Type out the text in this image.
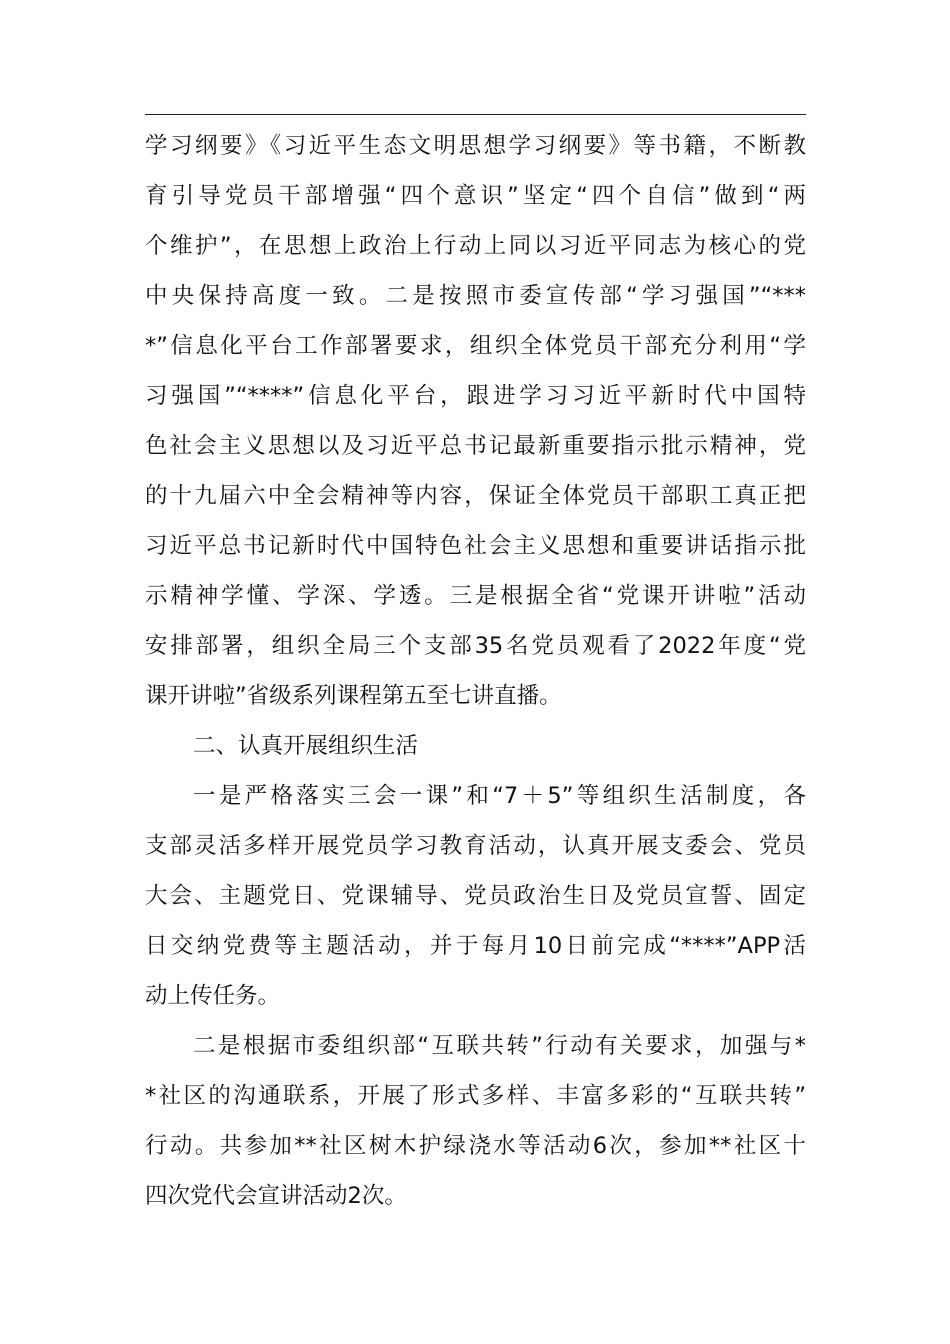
学习纲要》《习近平生态文明思想学习纲要》等书籍，不断教
育引导党员干部增强“四个意识”坚定“四个自信”做到“两
个维护”，在思想上政治上行动上同以习近平同志为核心的党
中央保持高度一致。二是按照市委宣传部“学习强国”“***
*”信息化平台工作部署要求，组织全体党员干部充分利用“学
习强国”“****”信息化平台，跟进学习习近平新时代中国特
色社会主义思想以及习近平总书记最新重要指示批示精神，党
的十九届六中全会精神等内容，保证全体党员干部职工真正把
习近平总书记新时代中国特色社会主义思想和重要讲话指示批
示精神学懂、学深、学透。三是根据全省“党课开讲啦”活动
安排部署，组织全局三个支部35名党员观看了2022年度“党
课开讲啦”省级系列课程第五至七讲直播。
二、认真开展组织生活
一是严格落实三会一课”和“7＋5”等组织生活制度，各
支部灵活多样开展党员学习教育活动，认真开展支委会、党员
大会、主题党日、党课辅导、党员政治生日及党员宣誓、固定
日交纳党费等主题活动，并于每月10日前完成“****”APP活
动上传任务。
二是根据市委组织部“互联共转”行动有关要求，加强与*
*社区的沟通联系，开展了形式多样、丰富多彩的“互联共转”
行动。共参加**社区树木护绿浇水等活动6次，参加**社区十
四次党代会宣讲活动2次。
